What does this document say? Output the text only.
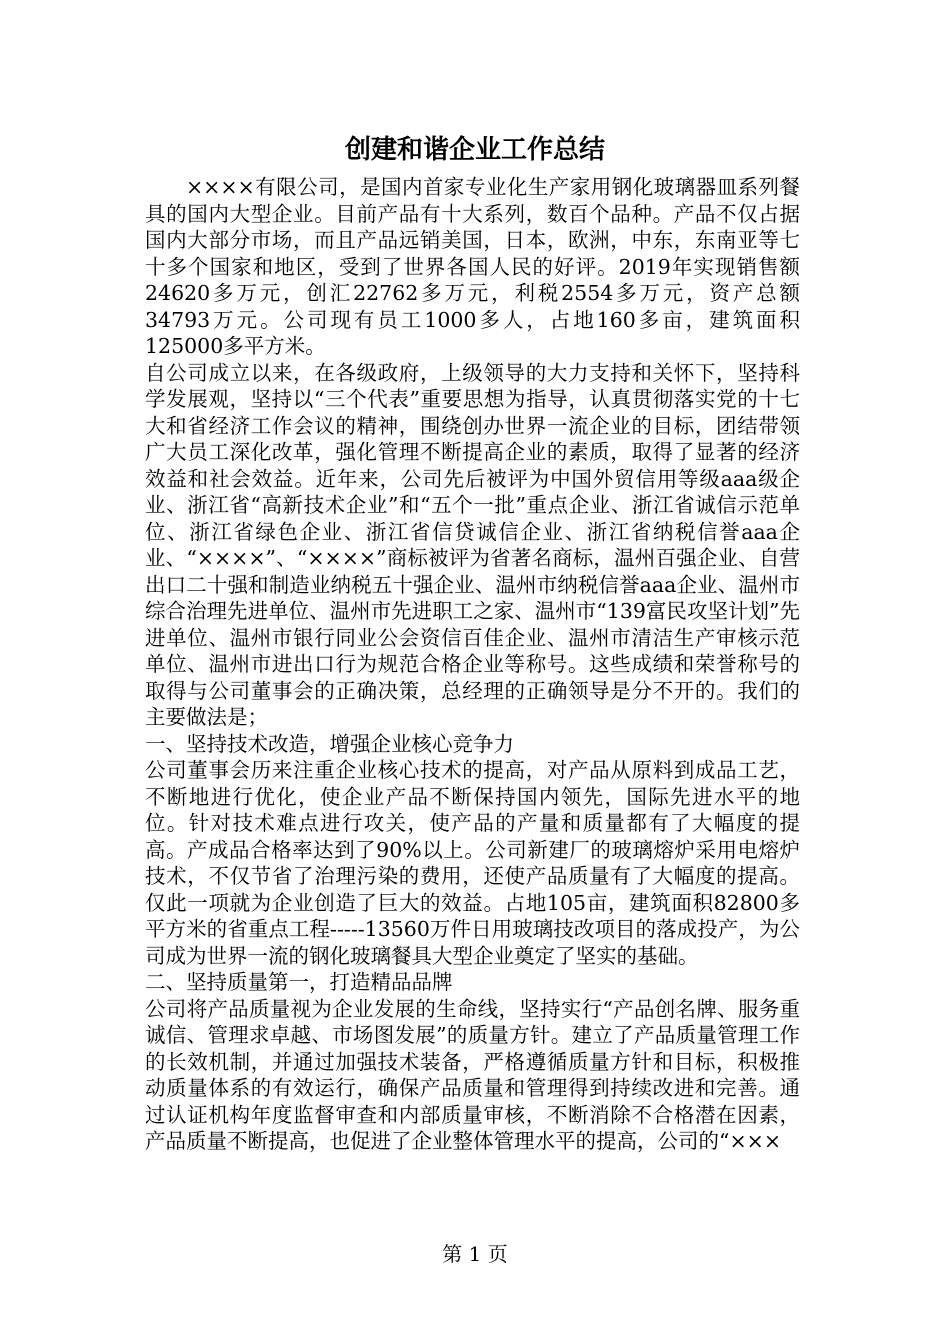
创建和谐企业工作总结

××××有限公司，是国内首家专业化生产家用钢化玻璃器皿系列餐具的国内大型企业。目前产品有十大系列，数百个品种。产品不仅占据国内大部分市场，而且产品远销美国，日本，欧洲，中东，东南亚等七十多个国家和地区，受到了世界各国人民的好评。2019年实现销售额24620多万元，创汇22762多万元，利税2554多万元，资产总额34793万元。公司现有员工1000多人，占地160多亩，建筑面积125000多平方米。

自公司成立以来，在各级政府，上级领导的大力支持和关怀下，坚持科学发展观，坚持以“三个代表”重要思想为指导，认真贯彻落实党的十七大和省经济工作会议的精神，围绕创办世界一流企业的目标，团结带领广大员工深化改革，强化管理不断提高企业的素质，取得了显著的经济效益和社会效益。近年来，公司先后被评为中国外贸信用等级aaa级企业、浙江省“高新技术企业”和“五个一批”重点企业、浙江省诚信示范单位、浙江省绿色企业、浙江省信贷诚信企业、浙江省纳税信誉aaa企业、“××××”、“××××”商标被评为省著名商标，温州百强企业、自营出口二十强和制造业纳税五十强企业、温州市纳税信誉aaa企业、温州市综合治理先进单位、温州市先进职工之家、温州市“139富民攻坚计划”先进单位、温州市银行同业公会资信百佳企业、温州市清洁生产审核示范单位、温州市进出口行为规范合格企业等称号。这些成绩和荣誉称号的取得与公司董事会的正确决策，总经理的正确领导是分不开的。我们的主要做法是；

一、坚持技术改造，增强企业核心竞争力

公司董事会历来注重企业核心技术的提高，对产品从原料到成品工艺，不断地进行优化，使企业产品不断保持国内领先，国际先进水平的地位。针对技术难点进行攻关，使产品的产量和质量都有了大幅度的提高。产成品合格率达到了90%以上。公司新建厂的玻璃熔炉采用电熔炉技术，不仅节省了治理污染的费用，还使产品质量有了大幅度的提高。仅此一项就为企业创造了巨大的效益。占地105亩，建筑面积82800多平方米的省重点工程-----13560万件日用玻璃技改项目的落成投产，为公司成为世界一流的钢化玻璃餐具大型企业奠定了坚实的基础。

二、坚持质量第一，打造精品品牌

公司将产品质量视为企业发展的生命线，坚持实行“产品创名牌、服务重诚信、管理求卓越、市场图发展”的质量方针。建立了产品质量管理工作的长效机制，并通过加强技术装备，严格遵循质量方针和目标，积极推动质量体系的有效运行，确保产品质量和管理得到持续改进和完善。通过认证机构年度监督审查和内部质量审核，不断消除不合格潜在因素，产品质量不断提高，也促进了企业整体管理水平的提高，公司的“×××

第 1 页
